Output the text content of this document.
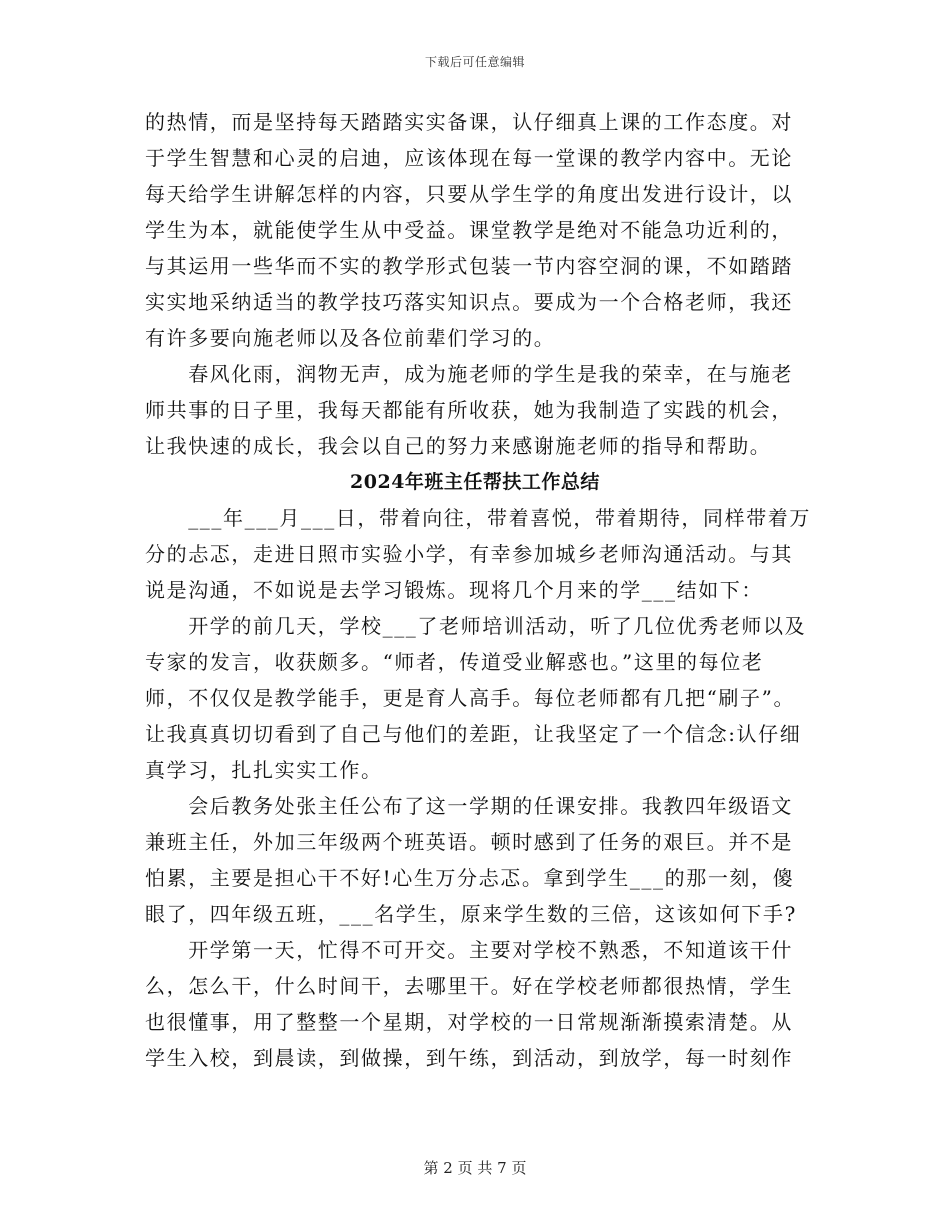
下载后可任意编辑
的热情，而是坚持每天踏踏实实备课，认仔细真上课的工作态度。对
于学生智慧和心灵的启迪，应该体现在每一堂课的教学内容中。无论
每天给学生讲解怎样的内容，只要从学生学的角度出发进行设计，以
学生为本，就能使学生从中受益。课堂教学是绝对不能急功近利的，
与其运用一些华而不实的教学形式包装一节内容空洞的课，不如踏踏
实实地采纳适当的教学技巧落实知识点。要成为一个合格老师，我还
有许多要向施老师以及各位前辈们学习的。
　　春风化雨，润物无声，成为施老师的学生是我的荣幸，在与施老
师共事的日子里，我每天都能有所收获，她为我制造了实践的机会，
让我快速的成长，我会以自己的努力来感谢施老师的指导和帮助。
2024年班主任帮扶工作总结
　　___年___月___日，带着向往，带着喜悦，带着期待，同样带着万
分的忐忑，走进日照市实验小学，有幸参加城乡老师沟通活动。与其
说是沟通，不如说是去学习锻炼。现将几个月来的学___结如下：
　　开学的前几天，学校___了老师培训活动，听了几位优秀老师以及
专家的发言，收获颇多。“师者，传道受业解惑也。”这里的每位老
师，不仅仅是教学能手，更是育人高手。每位老师都有几把“刷子”。
让我真真切切看到了自己与他们的差距，让我坚定了一个信念:认仔细
真学习，扎扎实实工作。
　　会后教务处张主任公布了这一学期的任课安排。我教四年级语文
兼班主任，外加三年级两个班英语。顿时感到了任务的艰巨。并不是
怕累，主要是担心干不好!心生万分忐忑。拿到学生___的那一刻，傻
眼了，四年级五班，___名学生，原来学生数的三倍，这该如何下手?
　　开学第一天，忙得不可开交。主要对学校不熟悉，不知道该干什
么，怎么干，什么时间干，去哪里干。好在学校老师都很热情，学生
也很懂事，用了整整一个星期，对学校的一日常规渐渐摸索清楚。从
学生入校，到晨读，到做操，到午练，到活动，到放学，每一时刻作
第 2 页 共 7 页
